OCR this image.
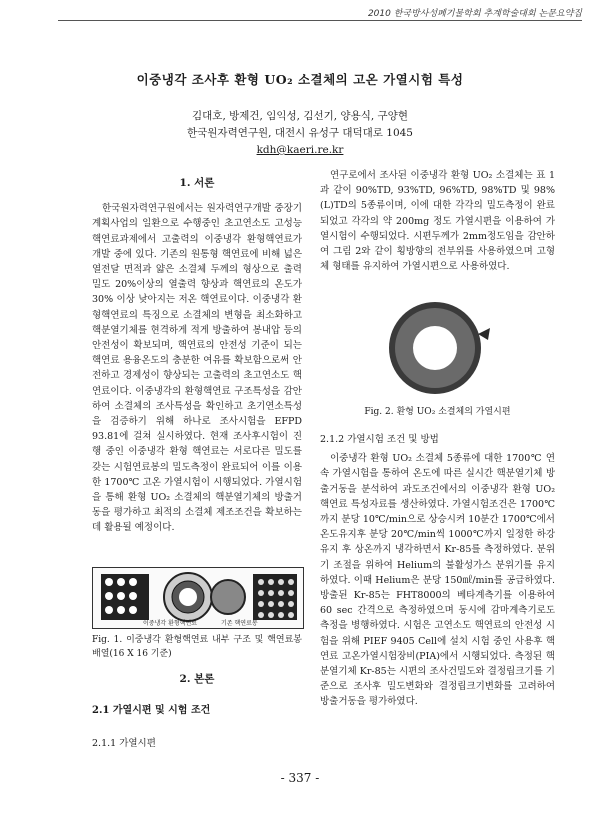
2010 한국방사성폐기물학회 추계학술대회 논문요약집
이중냉각 조사후 환형 UO₂ 소결체의 고온 가열시험 특성
김대호, 방제건, 임익성, 김선기, 양용식, 구양현
한국원자력연구원, 대전시 유성구 대덕대로 1045
kdh@kaeri.re.kr
1. 서론

한국원자력연구원에서는 원자력연구개발 중장기계획사업의 일환으로 수행중인 초고연소도 고성능 핵연료과제에서 고출력의 이중냉각 환형핵연료가 개발 중에 있다. 기존의 원통형 핵연료에 비해 넓은 열전달 면적과 얇은 소결체 두께의 형상으로 출력밀도 20%이상의 열출력 향상과 핵연료의 온도가 30% 이상 낮아지는 저온 핵연료이다. 이중냉각 환형핵연료의 특징으로 소결체의 변형을 최소화하고 핵분열기체를 현격하게 적게 방출하여 봉내압 등의 안전성이 확보되며, 핵연료의 안전성 기준이 되는 핵연료 용융온도의 충분한 여유를 확보함으로써 안전하고 경제성이 향상되는 고출력의 초고연소도 핵연료이다. 이중냉각의 환형핵연료 구조특성을 감안하여 소결체의 조사특성을 확인하고 초기연소특성을 검증하기 위해 하나로 조사시험을 EFPD 93.81에 걸쳐 실시하였다. 현재 조사후시험이 진행 중인 이중냉각 환형 핵연료는 서로다른 밀도를 갖는 시험연료봉의 밀도측정이 완료되어 이를 이용한 1700℃ 고온 가열시험이 시행되었다. 가열시험을 통해 환형 UO₂ 소결체의 핵분열기체의 방출거동을 평가하고 최적의 소결체 제조조건을 확보하는데 활용될 예정이다.

이중냉각 환형핵연료	기존 핵연료봉
Fig. 1. 이중냉각 환형핵연료 내부 구조 및 핵연료봉 배열(16 X 16 기준)
2. 본론
2.1 가열시편 및 시험 조건
2.1.1 가열시편

연구로에서 조사된 이중냉각 환형 UO₂ 소결체는 표 1과 같이 90%TD, 93%TD, 96%TD, 98%TD 및 98%(L)TD의 5종류이며, 이에 대한 각각의 밀도측정이 완료되었고 각각의 약 200mg 정도 가열시편을 이용하여 가열시험이 수행되었다. 시편두께가 2mm정도임을 감안하여 그림 2와 같이 횡방향의 전부위를 사용하였으며 고형체 형태를 유지하여 가열시편으로 사용하였다.

Fig. 2. 환형 UO₂ 소결체의 가열시편
2.1.2 가열시험 조건 및 방법

이중냉각 환형 UO₂ 소결체 5종류에 대한 1700℃ 연속 가열시험을 통하여 온도에 따른 실시간 핵분열기체 방출거동을 분석하여 과도조건에서의 이중냉각 환형 UO₂ 핵연료 특성자료를 생산하였다. 가열시험조건은 1700℃까지 분당 10℃/min으로 상승시켜 10분간 1700℃에서 온도유지후 분당 20℃/min씩 1000℃까지 일정한 하강유지 후 상온까지 냉각하면서 Kr-85를 측정하였다. 분위기 조절을 위하여 Helium의 불활성가스 분위기를 유지하였다. 이때 Helium은 분당 150㎖/min를 공급하였다. 방출된 Kr-85는 FHT8000의 베타계측기를 이용하여 60 sec 간격으로 측정하였으며 동시에 감마계측기로도 측정을 병행하였다. 시험은 고연소도 핵연료의 안전성 시험을 위해 PIEF 9405 Cell에 설치 시험 중인 사용후 핵연료 고온가열시험장비(PIA)에서 시행되었다. 측정된 핵분열기체 Kr-85는 시편의 조사건밀도와 결정립크기를 기준으로 조사후 밀도변화와 결정립크기변화를 고려하여 방출거동을 평가하였다.

- 337 -
